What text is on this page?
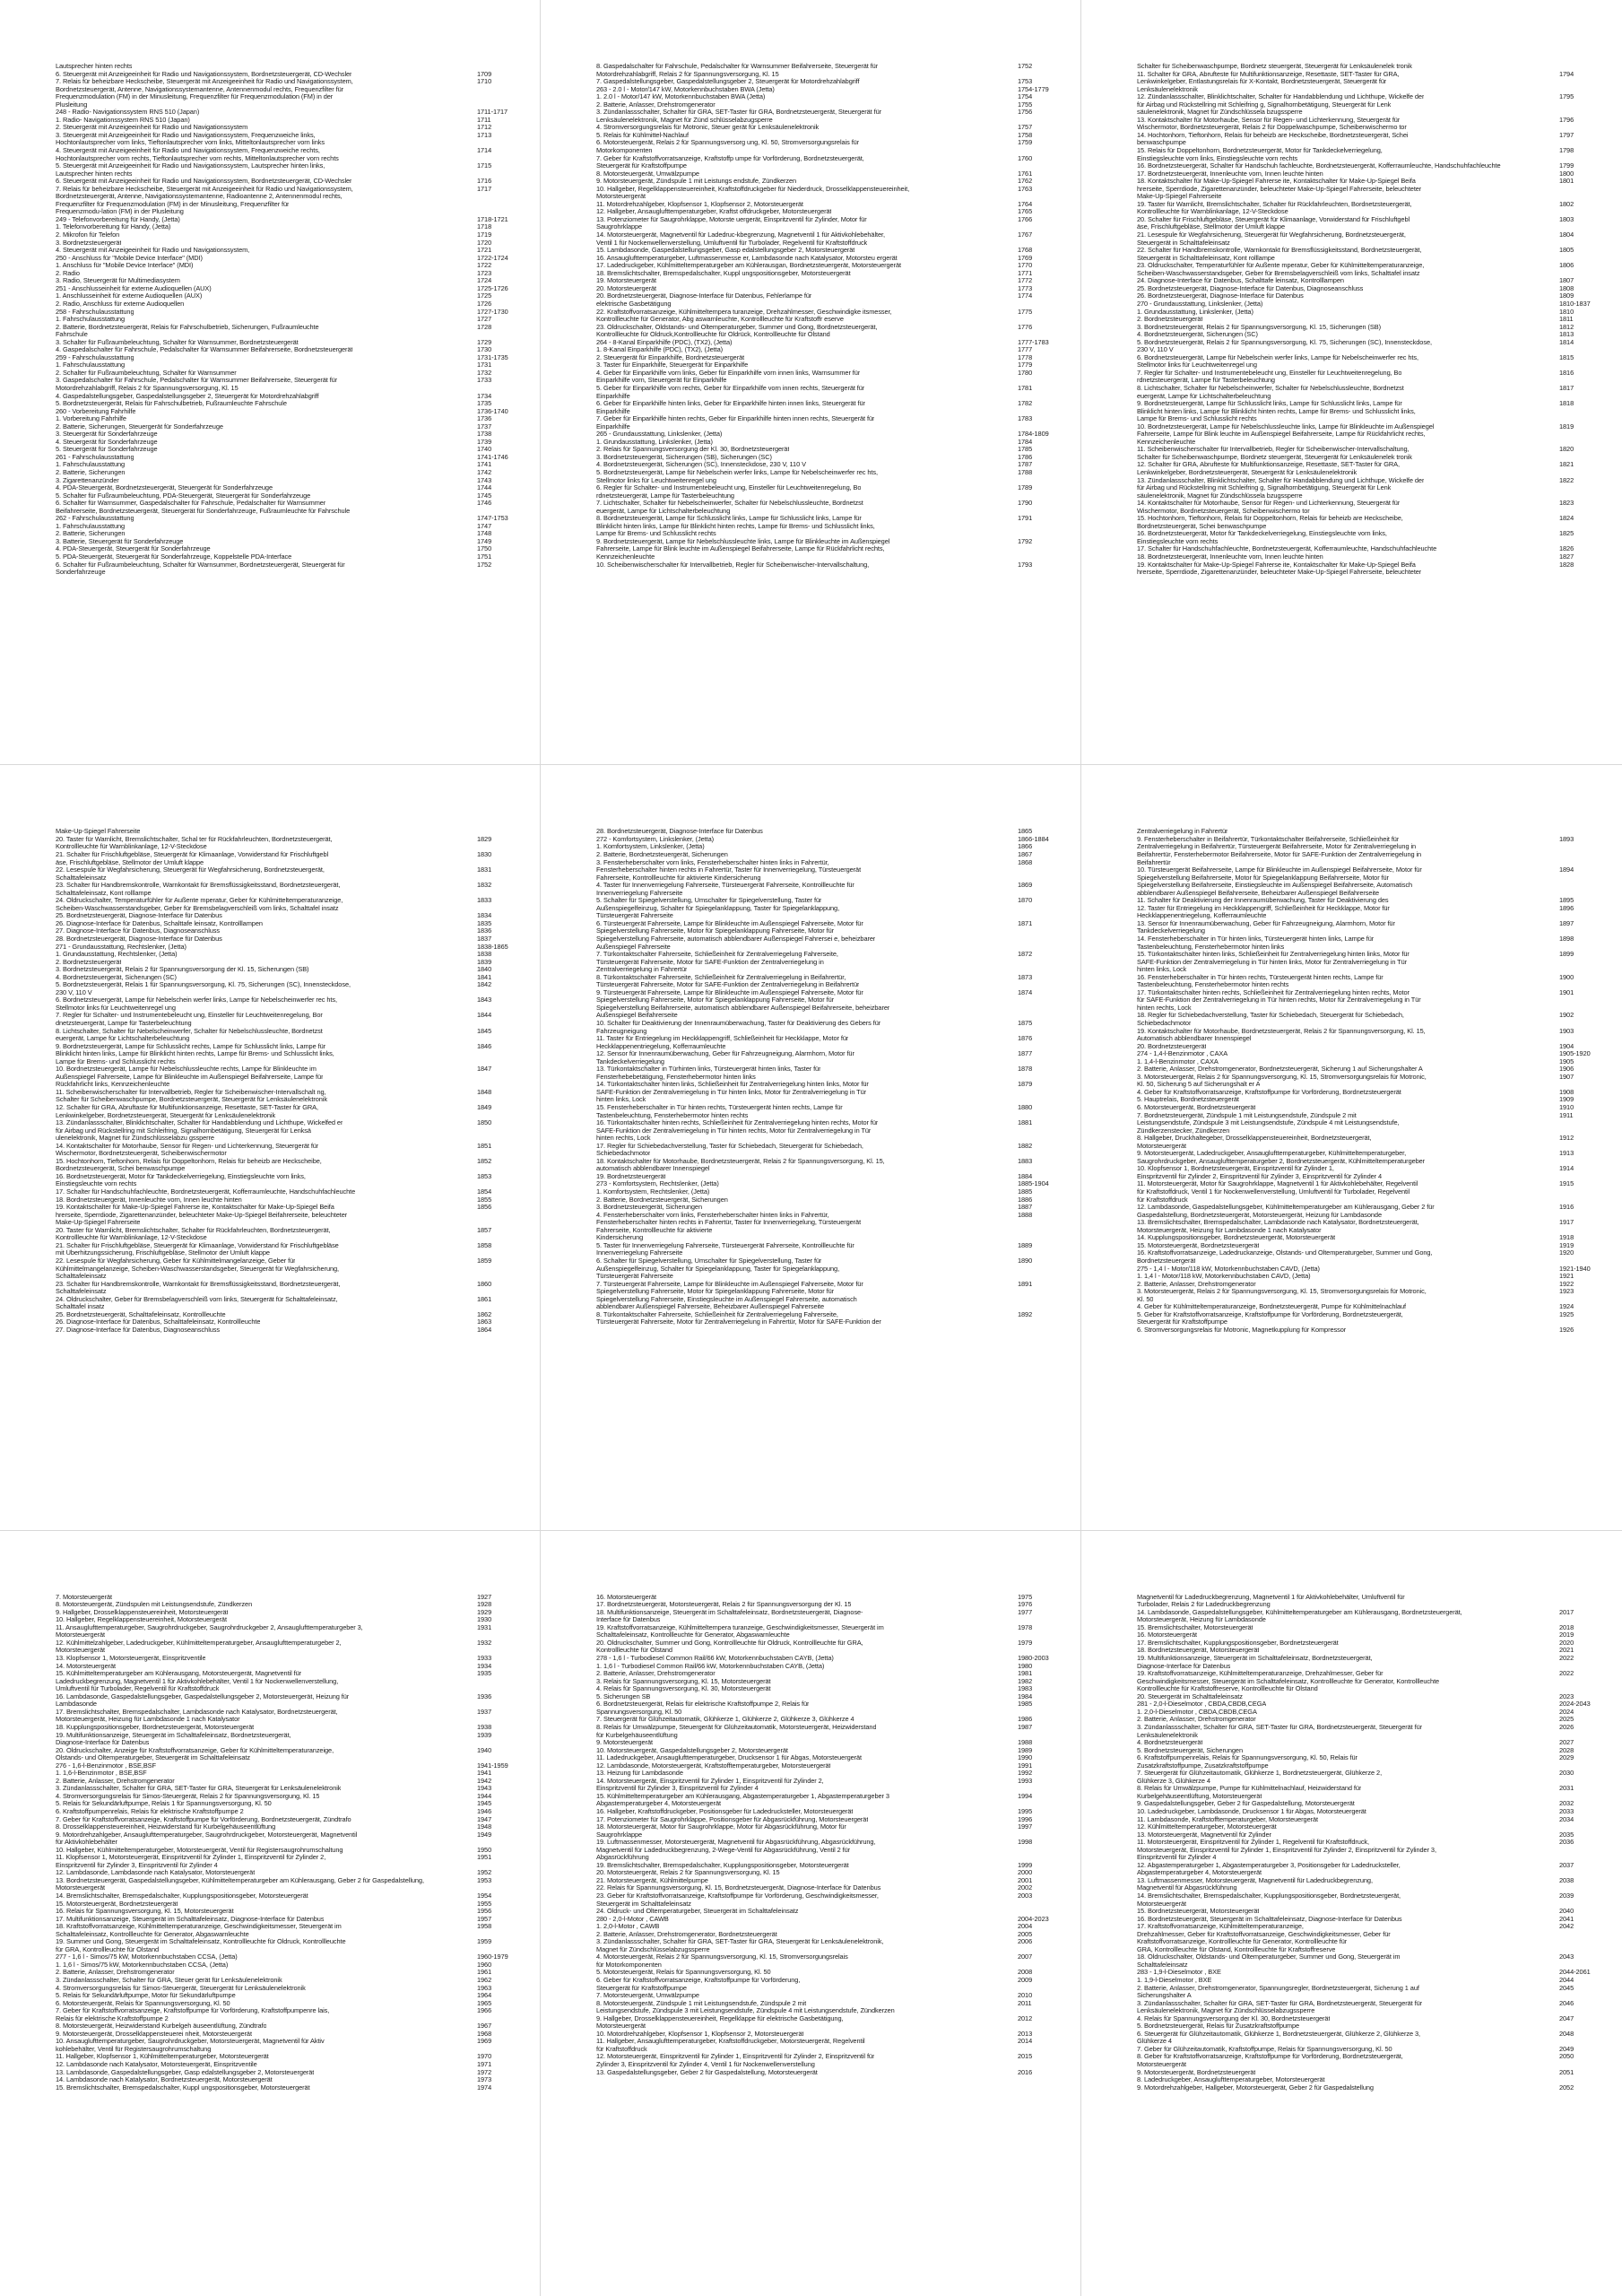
Lautsprecher hinten rechts
6. Steuergerät mit Anzeigeeinheit für Radio und Navigationssystem, Bordnetzsteuergerät, CD-Wechsler	1709
7. Relais für beheizbare Heckscheibe, Steuergerät mit Anzeigeeinheit für Radio und Navigationssystem,	1710
Bordnetzsteuergerät, Antenne, Navigationssystemantenne, Antennenmodul rechts, Frequenzfilter für
Frequenzmodulation (FM) in der Minusleitung, Frequenzfilter für Frequenzmodulation (FM) in der
Plusleitung
248 - Radio- Navigationssystem RNS 510 (Japan)	1711-1717
1. Radio- Navigationssystem RNS 510 (Japan)	1711
2. Steuergerät mit Anzeigeeinheit für Radio und Navigationssystem	1712
3. Steuergerät mit Anzeigeeinheit für Radio und Navigationssystem, Frequenzweiche links,	1713
Hochtonlautsprecher vorn links, Tieftonlautsprecher vorn links, Mitteltonlautsprecher vorn links
4. Steuergerät mit Anzeigeeinheit für Radio und Navigationssystem, Frequenzweiche rechts,	1714
Hochtonlautsprecher vorn rechts, Tieftonlautsprecher vorn rechts, Mitteltonlautsprecher vorn rechts
5. Steuergerät mit Anzeigeeinheit für Radio und Navigationssystem, Lautsprecher hinten links,	1715
Lautsprecher hinten rechts
6. Steuergerät mit Anzeigeeinheit für Radio und Navigationssystem, Bordnetzsteuergerät, CD-Wechsler	1716
7. Relais für beheizbare Heckscheibe, Steuergerät mit Anzeigeeinheit für Radio und Navigationssystem,	1717
Bordnetzsteuergerät, Antenne, Navigationssystemantenne, Radioantenne 2, Antennenmodul rechts,
Frequenzfilter für Frequenzmodulation (FM) in der Minusleitung, Frequenzfilter für
Frequenzmodu-lation (FM) in der Plusleitung
249 - Telefonvorbereitung für Handy, (Jetta)	1718-1721
1. Telefonvorbereitung für Handy, (Jetta)	1718
2. Mikrofon für Telefon	1719
3. Bordnetzsteuergerät	1720
4. Steuergerät mit Anzeigeeinheit für Radio und Navigationssystem,	1721
250 - Anschluss für "Mobile Device Interface" (MDI)	1722-1724
1. Anschluss für "Mobile Device Interface" (MDI)	1722
2. Radio	1723
3. Radio, Steuergerät für Multimediasystem	1724
251 - Anschlusseinheit für externe Audioquellen (AUX)	1725-1726
1. Anschlusseinheit für externe Audioquellen (AUX)	1725
2. Radio, Anschluss für externe Audioquellen	1726
258 - Fahrschulausstattung	1727-1730
1. Fahrschulausstattung	1727
2. Batterie, Bordnetzsteuergerät, Relais für Fahrschulbetrieb, Sicherungen, Fußraumleuchte	1728
Fahrschule
3. Schalter für Fußraumbeleuchtung, Schalter für Warnsummer, Bordnetzsteuergerät	1729
4. Gaspedalschalter für Fahrschule, Pedalschalter für Warnsummer Beifahrerseite, Bordnetzsteuergerät	1730
259 - Fahrschulausstattung	1731-1735
1. Fahrschulausstattung	1731
2. Schalter für Fußraumbeleuchtung, Schalter für Warnsummer	1732
3. Gaspedalschalter für Fahrschule, Pedalschalter für Warnsummer Beifahrerseite, Steuergerät für	1733
Motordrehzahlabgriff, Relais 2 für Spannungsversorgung, Kl. 15
4. Gaspedalstellungsgeber, Gaspedalstellungsgeber 2, Steuergerät für Motordrehzahlabgriff	1734
5. Bordnetzsteuergerät, Relais für Fahrschulbetrieb, Fußraumleuchte Fahrschule	1735
260 - Vorbereitung Fahrhilfe	1736-1740
1. Vorbereitung Fahrhilfe	1736
2. Batterie, Sicherungen, Steuergerät für Sonderfahrzeuge	1737
3. Steuergerät für Sonderfahrzeuge	1738
4. Steuergerät für Sonderfahrzeuge	1739
5. Steuergerät für Sonderfahrzeuge	1740
261 - Fahrschulausstattung	1741-1746
1. Fahrschulausstattung	1741
2. Batterie, Sicherungen	1742
3. Zigarettenanzünder	1743
4. PDA-Steuergerät, Bordnetzsteuergerät, Steuergerät für Sonderfahrzeuge	1744
5. Schalter für Fußraumbeleuchtung, PDA-Steuergerät, Steuergerät für Sonderfahrzeuge	1745
6. Schalter für Warnsummer, Gaspedalschalter für Fahrschule, Pedalschalter für Warnsummer	1746
Beifahrerseite, Bordnetzsteuergerät, Steuergerät für Sonderfahrzeuge, Fußraumleuchte für Fahrschule
262 - Fahrschulausstattung	1747-1753
1. Fahrschulausstattung	1747
2. Batterie, Sicherungen	1748
3. Batterie, Steuergerät für Sonderfahrzeuge	1749
4. PDA-Steuergerät, Steuergerät für Sonderfahrzeuge	1750
5. PDA-Steuergerät, Steuergerät für Sonderfahrzeuge, Koppelstelle PDA-Interface	1751
6. Schalter für Fußraumbeleuchtung, Schalter für Warnsummer, Bordnetzsteuergerät, Steuergerät für	1752
Sonderfahrzeuge
8. Gaspedalschalter für Fahrschule, Pedalschalter für Warnsummer Beifahrerseite, Steuergerät für	1752
Motordrehzahlabgriff, Relais 2 für Spannungsversorgung, Kl. 15
7. Gaspedalstellungsgeber, Gaspedalstellungsgeber 2, Steuergerät für Motordrehzahlabgriff	1753
263 - 2.0 l - Motor/147 kW, Motorkennbuchstaben BWA (Jetta)	1754-1779
1. 2.0 l - Motor/147 kW, Motorkennbuchstaben BWA (Jetta)	1754
2. Batterie, Anlasser, Drehstromgenerator	1755
3. Zündanlassschalter, Schalter für GRA, SET-Taster für GRA, Bordnetzsteuergerät, Steuergerät für	1756
Lenksäulenelektronik, Magnet für Zünd schlüsselabzugsperre
4. Stromversorgungsrelais für Motronic, Steuer gerät für Lenksäulenelektronik	1757
5. Relais für Kühlmittel-Nachlauf	1758
6. Motorsteuergerät, Relais 2 für Spannungsversorg ung, Kl. 50, Stromversorgungsrelais für	1759
Motorkomponenten
7. Geber für Kraftstoffvorratsanzeige, Kraftstoffp umpe für Vorförderung, Bordnetzsteuergerät,	1760
Steuergerät für Kraftstoffpumpe
8. Motorsteuergerät, Umwälzpumpe	1761
9. Motorsteuergerät, Zündspule 1 mit Leistungs endstufe, Zündkerzen	1762
10. Hallgeber, Regelklappensteuereinheit, Kraftstoffdruckgeber für Niederdruck, Drosselklappensteuereinheit,	1763
Motorsteuergerät
11. Motordrehzahlgeber, Klopfsensor 1, Klopfsensor 2, Motorsteuergerät	1764
12. Hallgeber, Ansauglufttemperaturgeber, Kraftst offdruckgeber, Motorsteuergerät	1765
13. Potenziometer für Saugrohrklappe, Motorste uergerät, Einspritzventil für Zylinder, Motor für	1766
Saugrohrklappe
14. Motorsteuergerät, Magnetventil für Ladedruc-kbegrenzung, Magnetventil 1 für Aktivkohlebehälter,	1767
Ventil 1 für Nockenwellenverstellung, Umluftventil für Turbolader, Regelventil für Kraftstoffdruck
15. Lambdasonde, Gaspedalstellungsgeber, Gasp edalstellungsgeber 2, Motorsteuergerät	1768
16. Ansauglufttemperaturgeber, Luftmassenmesse er, Lambdasonde nach Katalysator, Motorsteu ergerät	1769
17. Ladedruckgeber, Kühlmitteltemperaturgeber am Kühlerausgan, Bordnetzsteuergerät, Motorsteuergerät	1770
18. Bremslichtschalter, Bremspedalschalter, Kuppl ungspositionsgeber, Motorsteuergerät	1771
19. Motorsteuergerät	1772
20. Motorsteuergerät	1773
20. Bordnetzsteuergerät, Diagnose-Interface für Datenbus, Fehlerlampe für	1774
elektrische Gasbetätigung
22. Kraftstoffvorratsanzeige, Kühlmitteltempera turanzeige, Drehzahlmesser, Geschwindigke itsmesser,	1775
Kontrollleuchte für Generator, Abg aswarnleuchte, Kontrollleuchte für Kraftstoffr eserve
23. Öldruckschalter, Öldstands- und Öltemperaturgeber, Summer und Gong, Bordnetzsteuergerät,	1776
Kontrollleuchte für Öldruck,Kontrollleuchte für Öldrück, Kontrollleuchte für Ölstand
264 - 8-Kanal Einparkhilfe (PDC), (TX2), (Jetta)	1777-1783
1. 8-Kanal Einparkhilfe (PDC), (TX2), (Jetta)	1777
2. Steuergerät für Einparkhilfe, Bordnetzsteuergerät	1778
3. Taster für Einparkhilfe, Steuergerät für Einparkhilfe	1779
4. Geber für Einparkhilfe vorn links, Geber für Einparkhilfe vorn innen links, Warnsummer für	1780
Einparkhilfe vorn, Steuergerät für Einparkhilfe
5. Geber für Einparkhilfe vorn rechts, Geber für Einparkhilfe vorn innen rechts, Steuergerät für	1781
Einparkhilfe
6. Geber für Einparkhilfe hinten links, Geber für Einparkhilfe hinten innen links, Steuergerät für	1782
Einparkhilfe
7. Geber für Einparkhilfe hinten rechts, Geber für Einparkhilfe hinten innen rechts, Steuergerät für	1783
Einparkhilfe
265 - Grundausstattung, Linkslenker, (Jetta)	1784-1809
1. Grundausstattung, Linkslenker, (Jetta)	1784
2. Relais für Spannungsversorgung der Kl. 30, Bordnetzsteuergerät	1785
3. Bordnetzsteuergerät, Sicherungen (SB), Sicherungen (SC)	1786
4. Bordnetzsteuergerät, Sicherungen (SC), Innensteckdose, 230 V, 110 V	1787
5. Bordnetzsteuergerät, Lampe für Nebelschein werfer links, Lampe für Nebelscheinwerfer rec hts,	1788
Stellmotor links für Leuchtweitenregel ung
6. Regler für Schalter- und Instrumentebeleucht ung, Einsteller für Leuchtweitenregelung, Bo	1789
rdnetzsteuergerät, Lampe für Tasterbeleuchtung
7. Lichtschalter, Schalter für Nebelscheinwerfer, Schalter für Nebelschlussleuchte, Bordnetzst	1790
euergerät, Lampe für Lichtschalterbeleuchtung
8. Bordnetzsteuergerät, Lampe für Schlusslicht links, Lampe für Schlusslicht links, Lampe für	1791
Blinklicht hinten links, Lampe für Blinklicht hinten rechts, Lampe für Brems- und Schlusslicht links,
Lampe für Brems- und Schlusslicht rechts
9. Bordnetzsteuergerät, Lampe für Nebelschlussleuchte links, Lampe für Blinkleuchte im Außenspiegel	1792
Fahrerseite, Lampe für Blink leuchte im Außenspiegel Beifahrerseite, Lampe für Rückfahrlicht rechts,
Kennzeichenleuchte
10. Scheibenwischerschalter für Intervallbetrieb, Regler für Scheibenwischer-Intervallschaltung,	1793
Schalter für Scheibenwaschpumpe, Bordnetz steuergerät, Steuergerät für Lenksäulenelek tronik
11. Schalter für GRA, Abrufteste für Multifunktionsanzeige, Resettaste, SET-Taster für GRA,	1794
Lenkwinkelgeber, Entlastungsrelais für X-Kontakt, Bordnetzsteuergerät, Steuergerät für
Lenksäulenelektronik
12. Zündanlassschalter, Blinklichtschalter, Schalter für Handabblendung und Lichthupe, Wickelfe der	1795
für Airbag und Rückstellring mit Schleifring g, Signalhornbetätigung, Steuergerät für Lenk
säulenelektronik, Magnet für Zündschlüsselа bzugssperre
13. Kontaktschalter für Motorhaube, Sensor für Regen- und Lichterkennung, Steuergerät für	1796
Wischermotor, Bordnetzsteuergerät, Relais 2 für Doppelwaschpumpe, Scheibenwischermo tor
14. Hochtonhorn, Tieftonhorn, Relais für beheizb are Heckscheibe, Bordnetzsteuergerät, Schei	1797
benwaschpumpe
15. Relais für Doppeltonhorn, Bordnetzsteuergerät, Motor für Tankdeckelverriegelung,	1798
Einstiegsleuchte vorn links, Einstiegsleuchte vorn rechts
16. Bordnetzsteuergerät, Schalter für Handschuh fachleuchte, Bordnetzsteuergerät, Kofferraumleuchte, Handschuhfachleuchte	1799
17. Bordnetzsteuergerät, Innenleuchte vorn, Innen leuchte hinten	1800
18. Kontaktschalter für Make-Up-Spiegel Fahrerse ite, Kontaktschalter für Make-Up-Spiegel Beifa	1801
hrerseite, Sperrdiode, Zigarettenanzünder, beleuchteter Make-Up-Spiegel Fahrerseite, beleuchteter
Make-Up-Spiegel Fahrerseite
19. Taster für Warnlicht, Bremslichtschalter, Schalter für Rückfahrleuchten, Bordnetzsteuergerät,	1802
Kontrollleuchte für Warnblinkanlage, 12-V-Steckdose
20. Schalter für Frischluftgebläse, Steuergerät für Klimaanlage, Vorwiderstand für Frischluftgebl	1803
äse, Frischluftgebläse, Stellmotor der Umluft klappe
21. Lesespule für Wegfahrsicherung, Steuergerät für Wegfahrsicherung, Bordnetzsteuergerät,	1804
Steuergerät in Schalttafeleinsatz
22. Schalter für Handbremskontrolle, Warnkontakt für Bremsflüssigkeitsstand, Bordnetzsteuergerät,	1805
Steuergerät in Schalttafeleinsatz, Kont rolllampe
23. Öldruckschalter, Temperaturfühler für Außente mperatur, Geber für Kühlmitteltemperaturanzeige,	1806
Scheiben-Waschwasserstandsgeber, Geber für Bremsbelagverschleiß vorn links, Schalttafel insatz
24. Diagnose-Interface für Datenbus, Schalttafe leinsatz, Kontrolllampen	1807
25. Bordnetzsteuergerät, Diagnose-Interface für Datenbus, Diagnoseanschluss	1808
26. Bordnetzsteuergerät, Diagnose-Interface für Datenbus	1809
270 - Grundausstattung, Linkslenker, (Jetta)	1810-1837
1. Grundausstattung, Linkslenker, (Jetta)	1810
2. Bordnetzsteuergerät	1811
3. Bordnetzsteuergerät, Relais 2 für Spannungsversorgung, Kl. 15, Sicherungen (SB)	1812
4. Bordnetzsteuergerät, Sicherungen (SC)	1813
5. Bordnetzsteuergerät, Relais 2 für Spannungsversorgung, Kl. 75, Sicherungen (SC), Innensteckdose,	1814
230 V, 110 V
6. Bordnetzsteuergerät, Lampe für Nebelschein werfer links, Lampe für Nebelscheinwerfer rec hts,	1815
Stellmotor links für Leuchtweitenregel ung
7. Regler für Schalter- und Instrumentebeleucht ung, Einsteller für Leuchtweitenregelung, Bo	1816
rdnetzsteuergerät, Lampe für Tasterbeleuchtung
8. Lichtschalter, Schalter für Nebelscheinwerfer, Schalter für Nebelschlussleuchte, Bordnetzst	1817
euergerät, Lampe für Lichtschalterbeleuchtung
9. Bordnetzsteuergerät, Lampe für Schlusslicht links, Lampe für Schlusslicht links, Lampe für	1818
Blinklicht hinten links, Lampe für Blinklicht hinten rechts, Lampe für Brems- und Schlusslicht links,
Lampe für Brems- und Schlusslicht rechts
10. Bordnetzsteuergerät, Lampe für Nebelschlussleuchte links, Lampe für Blinkleuchte im Außenspiegel	1819
Fahrerseite, Lampe für Blink leuchte im Außenspiegel Beifahrerseite, Lampe für Rückfahrlicht rechts,
Kennzeichenleuchte
11. Scheibenwischerschalter für Intervallbetrieb, Regler für Scheibenwischer-Intervallschaltung,	1820
Schalter für Scheibenwaschpumpe, Bordnetz steuergerät, Steuergerät für Lenksäulenelek tronik
12. Schalter für GRA, Abrufteste für Multifunktionsanzeige, Resettaste, SET-Taster für GRA,	1821
Lenkwinkelgeber, Bordnetzsteuergerät, Steuergerät für Lenksäulenelektronik
13. Zündanlassschalter, Blinklichtschalter, Schalter für Handabblendung und Lichthupe, Wickelfe der	1822
für Airbag und Rückstellring mit Schleifring g, Signalhornbetätigung, Steuergerät für Lenk
säulenelektronik, Magnet für Zündschlüsselа bzugssperre
14. Kontaktschalter für Motorhaube, Sensor für Regen- und Lichterkennung, Steuergerät für	1823
Wischermotor, Bordnetzsteuergerät, Scheibenwischermo tor
15. Hochtonhorn, Tieftonhorn, Relais für Doppeltonhorn, Relais für beheizb are Heckscheibe,	1824
Bordnetzsteuergerät, Schei benwaschpumpe
16. Bordnetzsteuergerät, Motor für Tankdeckelverriegelung, Einstiegsleuchte vorn links,	1825
Einstiegsleuchte vorn rechts
17. Schalter für Handschuhfachleuchte, Bordnetzsteuergerät, Kofferraumleuchte, Handschuhfachleuchte	1826
18. Bordnetzsteuergerät, Innenleuchte vorn, Innen leuchte hinten	1827
19. Kontaktschalter für Make-Up-Spiegel Fahrerse ite, Kontaktschalter für Make-Up-Spiegel Beifa	1828
hrerseite, Sperrdiode, Zigarettenanzünder, beleuchteter Make-Up-Spiegel Fahrerseite, beleuchteter
Make-Up-Spiegel Fahrerseite
20. Taster für Warnlicht, Bremslichtschalter, Schal ter für Rückfahrleuchten, Bordnetzsteuergerät,	1829
Kontrollleuchte für Warnblinkanlage, 12-V-Steckdose
21. Schalter für Frischluftgebläse, Steuergerät für Klimaanlage, Vorwiderstand für Frischluftgebl	1830
äse, Frischluftgebläse, Stellmotor der Umluft klappe
22. Lesespule für Wegfahrsicherung, Steuergerät für Wegfahrsicherung, Bordnetzsteuergerät,	1831
Schalttafeleinsatz
23. Schalter für Handbremskontrolle, Warnkontakt für Bremsflüssigkeitsstand, Bordnetzsteuergerät,	1832
Schalttafeleinsatz, Kont rolllampe
24. Öldruckschalter, Temperaturfühler für Außente mperatur, Geber für Kühlmitteltemperaturanzeige,	1833
Scheiben-Waschwasserstandsgeber, Geber für Bremsbelagverschleiß vorn links, Schalttafel insatz
25. Bordnetzsteuergerät, Diagnose-Interface für Datenbus	1834
26. Diagnose-Interface für Datenbus, Schalttafe leinsatz, Kontrolllampen	1835
27. Diagnose-Interface für Datenbus, Diagnoseanschluss	1836
28. Bordnetzsteuergerät, Diagnose-Interface für Datenbus	1837
271 - Grundausstattung, Rechtslenker, (Jetta)	1838-1865
1. Grundausstattung, Rechtslenker, (Jetta)	1838
2. Bordnetzsteuergerät	1839
3. Bordnetzsteuergerät, Relais 2 für Spannungsversorgung der Kl. 15, Sicherungen (SB)	1840
4. Bordnetzsteuergerät, Sicherungen (SC)	1841
5. Bordnetzsteuergerät, Relais 1 für Spannungsversorgung, Kl. 75, Sicherungen (SC), Innensteckdose,	1842
230 V, 110 V
6. Bordnetzsteuergerät, Lampe für Nebelschein werfer links, Lampe für Nebelscheinwerfer rec hts,	1843
Stellmotor links für Leuchtweitenregel ung
7. Regler für Schalter- und Instrumentebeleucht ung, Einsteller für Leuchtweitenregelung, Bor	1844
dnetzsteuergerät, Lampe für Tasterbeleuchtung
8. Lichtschalter, Schalter für Nebelscheinwerfer, Schalter für Nebelschlussleuchte, Bordnetzst	1845
euergerät, Lampe für Lichtschalterbeleuchtung
9. Bordnetzsteuergerät, Lampe für Schlusslicht rechts, Lampe für Schlusslicht links, Lampe für	1846
Blinklicht hinten links, Lampe für Blinklicht hinten rechts, Lampe für Brems- und Schlusslicht links,
Lampe für Brems- und Schlusslicht rechts
10. Bordnetzsteuergerät, Lampe für Nebelschlussleuchte rechts, Lampe für Blinkleuchte im	1847
Außenspiegel Fahrerseite, Lampe für Blinkleuchte im Außenspiegel Beifahrerseite, Lampe für
Rückfahrlicht links, Kennzeichenleuchte
11. Scheibenwischerschalter für Intervallbetrieb, Regler für Scheibenwischer-Intervallschalt ng,	1848
Schalter für Scheibenwaschpumpe, Bordnetzsteuergerät, Steuergerät für Lenksäulenelektronik
12. Schalter für GRA, Abruftaste für Multifunktionsanzeige, Resettaste, SET-Taster für GRA,	1849
Lenkwinkelgeber, Bordnetzsteuergerät, Steuergerät für Lenksäulenelektronik
13. Zündanlassschalter, Blinklichtschalter, Schalter für Handabblendung und Lichthupe, Wickelfed er	1850
für Airbag und Rückstellring mit Schleifring, Signalhornbetätigung, Steuergerät für Lenksä
ulenelektronik, Magnet für Zündschlüsselabzu gssperre
14. Kontaktschalter für Motorhaube, Sensor für Regen- und Lichterkennung, Steuergerät für	1851
Wischermotor, Bordnetzsteuergerät, Scheibenwischermotor
15. Hochtonhorn, Tieftonhorn, Relais für Doppeltonhorn, Relais für beheizb are Heckscheibe,	1852
Bordnetzsteuergerät, Schei benwaschpumpe
16. Bordnetzsteuergerät, Motor für Tankdeckelverriegelung, Einstiegsleuchte vorn links,	1853
Einstiegsleuchte vorn rechts
17. Schalter für Handschuhfachleuchte, Bordnetzsteuergerät, Kofferraumleuchte, Handschuhfachleuchte	1854
18. Bordnetzsteuergerät, Innenleuchte vorn, Innen leuchte hinten	1855
19. Kontaktschalter für Make-Up-Spiegel Fahrerse ite, Kontaktschalter für Make-Up-Spiegel Beifa	1856
hrerseite, Sperrdiode, Zigarettenanzünder, beleuchteter Make-Up-Spiegel Beifahrerseite, beleuchteter
Make-Up-Spiegel Fahrerseite
20. Taster für Warnlicht, Bremslichtschalter, Schalter für Rückfahrleuchten, Bordnetzsteuergerät,	1857
Kontrollleuchte für Warnblinkanlage, 12-V-Steckdose
21. Schalter für Frischluftgebläse, Steuergerät für Klimaanlage, Vorwiderstand für Frischluftgebläse	1858
mit Überhitzungssicherung, Frischluftgebläse, Stellmotor der Umluft klappe
22. Lesespule für Wegfahrsicherung, Geber für Kühlmittelmangelanzeige, Geber für	1859
Kühlmittelmangelanzeige, Scheiben-Waschwasserstandsgeber, Steuergerät für Wegfahrsicherung,
Schalttafeleinsatz
23. Schalter für Handbremskontrolle, Warnkontakt für Bremsflüssigkeitsstand, Bordnetzsteuergerät,	1860
Schalttafeleinsatz
24. Öldruckschalter, Geber für Bremsbelagverschleiß vorn links, Steuergerät für Schalttafeleinsatz,	1861
Schalttafel insatz
25. Bordnetzsteuergerät, Schalttafeleinsatz, Kontrollleuchte	1862
26. Diagnose-Interface für Datenbus, Schalttafeleinsatz, Kontrollleuchte	1863
27. Diagnose-Interface für Datenbus, Diagnoseanschluss	1864
28. Bordnetzsteuergerät, Diagnose-Interface für Datenbus	1865
272 - Komfortsystem, Linkslenker, (Jetta)	1866-1884
1. Komfortsystem, Linkslenker, (Jetta)	1866
2. Batterie, Bordnetzsteuergerät, Sicherungen	1867
3. Fensterheberschalter vorn links, Fensterheberschalter hinten links in Fahrertür,	1868
Fensterheberschalter hinten rechts in Fahrertür, Taster für Innenverriegelung, Türsteuergerät
Fahrerseite, Kontrollleuchte für aktivierte Kindersicherung
4. Taster für Innenverriegelung Fahrerseite, Türsteuergerät Fahrerseite, Kontrollleuchte für	1869
Innenverriegelung Fahrerseite
5. Schalter für Spiegelverstellung, Umschalter für Spiegelverstellung, Taster für	1870
Außenspiegelfeinzug, Schalter für Spiegelanklappung, Taster für Spiegelanklappung,
Türsteuergerät Fahrerseite
6. Türsteuergerät Fahrerseite, Lampe für Blinkleuchte im Außenspiegel Fahrerseite, Motor für	1871
Spiegelverstellung Fahrerseite, Motor für Spiegelanklappung Fahrerseite, Motor für
Spiegelverstellung Fahrerseite, automatisch abblendbarer Außenspiegel Fahrersei e, beheizbarer
Außenspiegel Fahrerseite
7. Türkontaktschalter Fahrerseite, Schließeinheit für Zentralverriegelung Fahrerseite,	1872
Türsteuergerät Fahrerseite, Motor für SAFE-Funktion der Zentralverriegelung in
Zentralverriegelung in Fahrertür
8. Türkontaktschalter Fahrerseite, Schließeinheit für Zentralverriegelung in Beifahrertür,	1873
Türsteuergerät Fahrerseite, Motor für SAFE-Funktion der Zentralverriegelung in Beifahrertür
9. Türsteuergerät Fahrerseite, Lampe für Blinkleuchte im Außenspiegel Fahrerseite, Motor für	1874
Spiegelverstellung Fahrerseite, Motor für Spiegelanklappung Fahrerseite, Motor für
Spiegelverstellung Beifahrerseite, automatisch abblendbarer Außenspiegel Beifahrerseite, beheizbarer
Außenspiegel Beifahrerseite
10. Schalter für Deaktivierung der Innenraumüberwachung, Taster für Deaktivierung des Gebers für	1875
Fahrzeugneigung
11. Taster für Entriegelung im Heckklappengriff, Schließeinheit für Heckklappe, Motor für	1876
Heckklappenentriegelung, Kofferraumleuchte
12. Sensor für Innenraumüberwachung, Geber für Fahrzeugneigung, Alarmhorn, Motor für	1877
Tankdeckelverriegelung
13. Türkontaktschalter in Türhinten links, Türsteuergerät hinten links, Taster für	1878
Fensterhebebetätigung, Fensterhebermotor hinten links
14. Türkontaktschalter hinten links, Schließeinheit für Zentralverriegelung hinten links, Motor für	1879
SAFE-Funktion der Zentralverriegelung in Tür hinten links, Motor für Zentralverriegelung in Tür
hinten links, Lock
15. Fensterheberschalter in Tür hinten rechts, Türsteuergerät hinten rechts, Lampe für	1880
Tastenbeleuchtung, Fensterhebermotor hinten rechts
16. Türkontaktschalter hinten rechts, Schließeinheit für Zentralverriegelung hinten rechts, Motor für	1881
SAFE-Funktion der Zentralverriegelung in Tür hinten rechts, Motor für Zentralverriegelung in Tür
hinten rechts, Lock
17. Regler für Schiebedachverstellung, Taster für Schiebedach, Steuergerät für Schiebedach,	1882
Schiebedachmotor
18. Kontaktschalter für Motorhaube, Bordnetzsteuergerät, Relais 2 für Spannungsversorgung, Kl. 15,	1883
automatisch abblendbarer Innenspiegel
19. Bordnetzsteuergerät	1884
273 - Komfortsystem, Rechtslenker, (Jetta)	1885-1904
1. Komfortsystem, Rechtslenker, (Jetta)	1885
2. Batterie, Bordnetzsteuergerät, Sicherungen	1886
3. Bordnetzsteuergerät, Sicherungen	1887
4. Fensterheberschalter vorn links, Fensterheberschalter hinten links in Fahrertür,	1888
Fensterheberschalter hinten rechts in Fahrertür, Taster für Innenverriegelung, Türsteuergerät
Fahrerseite, Kontrollleuchte für aktivierte
Kindersicherung
5. Taster für Innenverriegelung Fahrerseite, Türsteuergerät Fahrerseite, Kontrollleuchte für	1889
Innenverriegelung Fahrerseite
6. Schalter für Spiegelverstellung, Umschalter für Spiegelverstellung, Taster für	1890
Außenspiegelfeinzug, Schalter für Spiegelanklappung, Taster für Spiegelanklappung,
Türsteuergerät Fahrerseite
7. Türsteuergerät Fahrerseite, Lampe für Blinkleuchte im Außenspiegel Fahrerseite, Motor für	1891
Spiegelverstellung Fahrerseite, Motor für Spiegelanklappung Fahrerseite, Motor für
Spiegelverstellung Fahrerseite, Einstiegsleuchte im Außenspiegel Fahrerseite, automatisch
abblendbarer Außenspiegel Fahrerseite, Beheizbarer Außenspiegel Fahrerseite
8. Türkontaktschalter Fahrerseite, Schließeinheit für Zentralverriegelung Fahrerseite,	1892
Türsteuergerät Fahrerseite, Motor für Zentralverriegelung in Fahrertür, Motor für SAFE-Funktion der
Zentralverriegelung in Fahrertür
9. Fensterheberschalter in Beifahrertür, Türkontaktschalter Beifahrerseite, Schließeinheit für	1893
Zentralverriegelung in Beifahrertür, Türsteuergerät Beifahrerseite, Motor für Zentralverriegelung in
Beifahrertür, Fensterhebermotor Beifahrerseite, Motor für SAFE-Funktion der Zentralverriegelung in
Beifahrertür
10. Türsteuergerät Beifahrerseite, Lampe für Blinkleuchte im Außenspiegel Beifahrerseite, Motor für	1894
Spiegelverstellung Beifahrerseite, Motor für Spiegelanklappung Beifahrerseite, Motor für
Spiegelverstellung Beifahrerseite, Einstiegsleuchte im Außenspiegel Beifahrerseite, Automatisch
abblendbarer Außenspiegel Beifahrerseite, Beheizbarer Außenspiegel Beifahrerseite
11. Schalter für Deaktivierung der Innenraumüberwachung, Taster für Deaktivierung des	1895
12. Taster für Entriegelung im Heckklappengriff, Schließeinheit für Heckklappe, Motor für	1896
Heckklappenentriegelung, Kofferraumleuchte
13. Sensor für Innenraumüberwachung, Geber für Fahrzeugneigung, Alarmhorn, Motor für	1897
Tankdeckelverriegelung
14. Fensterheberschalter in Tür hinten links, Türsteuergerät hinten links, Lampe für	1898
Tastenbeleuchtung, Fensterhebermotor hinten links
15. Türkontaktschalter hinten links, Schließeinheit für Zentralverriegelung hinten links, Motor für	1899
SAFE-Funktion der Zentralverriegelung in Tür hinten links, Motor für Zentralverriegelung in Tür
hinten links, Lock
16. Fensterheberschalter in Tür hinten rechts, Türsteuergerät hinten rechts, Lampe für	1900
Tastenbeleuchtung, Fensterhebermotor hinten rechts
17. Türkontaktschalter hinten rechts, Schließeinheit für Zentralverriegelung hinten rechts, Motor	1901
für SAFE-Funktion der Zentralverriegelung in Tür hinten rechts, Motor für Zentralverriegelung in Tür
hinten rechts, Lock
18. Regler für Schiebedachverstellung, Taster für Schiebedach, Steuergerät für Schiebedach,	1902
Schiebedachmotor
19. Kontaktschalter für Motorhaube, Bordnetzsteuergerät, Relais 2 für Spannungsversorgung, Kl. 15,	1903
Automatisch abblendbarer Innenspiegel
20. Bordnetzsteuergerät	1904
274 - 1,4-l-Benzinmotor , CAXA	1905-1920
1. 1,4-l-Benzinmotor , CAXA	1905
2. Batterie, Anlasser, Drehstromgenerator, Bordnetzsteuergerät, Sicherung 1 auf Sicherungshalter A	1906
3. Motorsteuergerät, Relais 2 für Spannungsversorgung, Kl. 15, Stromversorgungsrelais für Motronic,	1907
Kl. 50, Sicherung 5 auf Sicherungshalt er A
4. Geber für Kraftstoffvorratsanzeige, Kraftstoffpumpe für Vorförderung, Bordnetzsteuergerät	1908
5. Hauptrelais, Bordnetzsteuergerät	1909
6. Motorsteuergerät, Bordnetzsteuergerät	1910
7. Bordnetzsteuergerät, Zündspule 1 mit Leistungsendstufe, Zündspule 2 mit	1911
Leistungsendstufe, Zündspule 3 mit Leistungsendstufe, Zündspule 4 mit Leistungsendstufe,
Zündkerzenstecker, Zündkerzen
8. Hallgeber, Druckhaltegeber, Drosselklappensteuereinheit, Bordnetzsteuergerät,	1912
Motorsteuergerät
9. Motorsteuergerät, Ladedruckgeber, Ansauglufttemperaturgeber, Kühlmitteltemperaturgeber,	1913
Saugrohrdruckgeber, Ansauglufttemperaturgeber 2, Bordnetzsteuergerät, Kühlmitteltemperaturgeber
10. Klopfsensor 1, Bordnetzsteuergerät, Einspritzventil für Zylinder 1,	1914
Einspritzventil für Zylinder 2, Einspritzventil für Zylinder 3, Einspritzventil für Zylinder 4
11. Motorsteuergerät, Motor für Saugrohrklappe, Magnetventil 1 für Aktivkohlebehälter, Regelventil	1915
für Kraftstoffdruck, Ventil 1 für Nockenwellenverstellung, Umluftventil für Turbolader, Regelventil
für Kraftstoffdruck
12. Lambdasonde, Gaspedalstellungsgeber, Kühlmitteltemperaturgeber am Kühlerausgang, Geber 2 für	1916
Gaspedalstellung, Bordnetzsteuergerät, Motorsteuergerät, Heizung für Lambdasonde
13. Bremslichtschalter, Bremspedalschalter, Lambdasonde nach Katalysator, Bordnetzsteuergerät,	1917
Motorsteuergerät, Heizung für Lambdasonde 1 nach Katalysator
14. Kupplungspositionsgeber, Bordnetzsteuergerät, Motorsteuergerät	1918
15. Motorsteuergerät, Bordnetzsteuergerät	1919
16. Kraftstoffvorratsanzeige, Ladedruckanzeige, Ölstands- und Öltemperaturgeber, Summer und Gong,	1920
Bordnetzsteuergerät
275 - 1,4 l - Motor/118 kW, Motorkennbuchstaben CAVD, (Jetta)	1921-1940
1. 1,4 l - Motor/118 kW, Motorkennbuchstaben CAVD, (Jetta)	1921
2. Batterie, Anlasser, Drehstromgenerator	1922
3. Motorsteuergerät, Relais 2 für Spannungsversorgung, Kl. 15, Stromversorgungsrelais für Motronic,	1923
Kl. 50
4. Geber für Kühlmitteltemperaturanzeige, Bordnetzsteuergerät, Pumpe für Kühlmittelnachlauf	1924
5. Geber für Kraftstoffvorratsanzeige, Kraftstoffpumpe für Vorförderung, Bordnetzsteuergerät,	1925
Steuergerät für Kraftstoffpumpe
6. Stromversorgungsrelais für Motronic, Magnetkupplung für Kompressor	1926
7. Motorsteuergerät	1927
8. Motorsteuergerät, Zündspulen mit Leistungsendstufe, Zündkerzen	1928
9. Hallgeber, Drosselklappensteuereinheit, Motorsteuergerät	1929
10. Hallgeber, Regelklappensteuereinheit, Motorsteuergerät	1930
11. Ansauglufttemperaturgeber, Saugrohrdruckgeber, Saugrohrdruckgeber 2, Ansauglufttemperaturgeber 3,	1931
Motorsteuergerät
12. Kühlmittelzahlgeber, Ladedruckgeber, Kühlmitteltemperaturgeber, Ansauglufttemperaturgeber 2,	1932
Motorsteuergerät
13. Klopfsensor 1, Motorsteuergerät, Einspritzventile	1933
14. Motorsteuergerät	1934
15. Kühlmitteltemperaturgeber am Kühlerausgang, Motorsteuergerät, Magnetventil für	1935
Ladedruckbegrenzung, Magnetventil 1 für Aktivkohlebehälter, Ventil 1 für Nockenwellenverstellung,
Umluftventil für Turbolader, Regelventil für Kraftstoffdruck
16. Lambdasonde, Gaspedalstellungsgeber, Gaspedalstellungsgeber 2, Motorsteuergerät, Heizung für	1936
Lambdasonde
17. Bremslichtschalter, Bremspedalschalter, Lambdasonde nach Katalysator, Bordnetzsteuergerät,	1937
Motorsteuergerät, Heizung für Lambdasonde 1 nach Katalysator
18. Kupplungspositionsgeber, Bordnetzsteuergerät, Motorsteuergerät	1938
19. Multifunktionsanzeige, Steuergerät im Schalttafeleinsatz, Bordnetzsteuergerät,	1939
Diagnose-Interface für Datenbus
20. Öldruckschalter, Anzeige für Kraftstoffvorratsanzeige, Geber für Kühlmitteltemperaturanzeige,	1940
Ölstands- und Öltemperaturgeber, Steuergerät im Schalttafeleinsatz
276 - 1,6-l-Benzinmotor , BSE,BSF	1941-1959
1. 1,6-l-Benzinmotor , BSE,BSF	1941
2. Batterie, Anlasser, Drehstromgenerator	1942
3. Zündanlassschalter, Schalter für GRA, SET-Taster für GRA, Steuergerät für Lenksäulenelektronik	1943
4. Stromversorgungsrelais für Simos-Steuergerät, Relais 2 für Spannungsversorgung, Kl. 15	1944
5. Relais für Sekundärluftpumpe, Relais 1 für Spannungsversorgung, Kl. 50	1945
6. Kraftstoffpumpenrelais, Relais für elektrische Kraftstoffpumpe 2	1946
7. Geber für Kraftstoffvorratsanzeige, Kraftstoffpumpe für Vorförderung, Bordnetzsteuergerät, Zündtrafo	1947
8. Drosselklappensteuereinheit, Heizwiderstand für Kurbelgehäuseentlüftung	1948
9. Motordrehzahlgeber, Ansauglufttemperaturgeber, Saugrohrdruckgeber, Motorsteuergerät, Magnetventil	1949
für Aktivkohlebehälter
10. Hallgeber, Kühlmitteltemperaturgeber, Motorsteuergerät, Ventil für Registersaugrohrumschaltung	1950
11. Klopfsensor 1, Motorsteuergerät, Einspritzventil für Zylinder 1, Einspritzventil für Zylinder 2,	1951
Einspritzventil für Zylinder 3, Einspritzventil für Zylinder 4
12. Lambdasonde, Lambdasonde nach Katalysator, Motorsteuergerät	1952
13. Bordnetzsteuergerät, Gaspedalstellungsgeber, Kühlmitteltemperaturgeber am Kühlerausgang, Geber 2 für Gaspedalstellung,	1953
Motorsteuergerät
14. Bremslichtschalter, Bremspedalschalter, Kupplungspositionsgeber, Motorsteuergerät	1954
15. Motorsteuergerät, Bordnetzsteuergerät	1955
16. Relais für Spannungsversorgung, Kl. 15, Motorsteuergerät	1956
17. Multifunktionsanzeige, Steuergerät im Schalttafeleinsatz, Diagnose-Interface für Datenbus	1957
18. Kraftstoffvorratsanzeige, Kühlmitteltemperaturanzeige, Geschwindigkeitsmesser, Steuergerät im	1958
Schalttafeleinsatz, Kontrollleuchte für Generator, Abgaswarnleuchte
19. Summer und Gong, Steuergerät im Schalttafeleinsatz, Kontrollleuchte für Öldruck, Kontrollleuchte	1959
für GRA, Kontrollleuchte für Ölstand
277 - 1,6 l - Simos/75 kW, Motorkennbuchstaben CCSA, (Jetta)	1960-1979
1. 1,6 l - Simos/75 kW, Motorkennbuchstaben CCSA, (Jetta)	1960
2. Batterie, Anlasser, Drehstromgenerator	1961
3. Zündanlassschalter, Schalter für GRA, Steuer gerät für Lenksäulenelektronik	1962
4. Stromversorgungsrelais für Simos-Steuergerät, Steuergerät für Lenksäulenelektronik	1963
5. Relais für Sekundärluftpumpe, Motor für Sekundärluftpumpe	1964
6. Motorsteuergerät, Relais für Spannungsversorgung, Kl. 50	1965
7. Geber für Kraftstoffvorratsanzeige, Kraftstoffpumpe für Vorförderung, Kraftstoffpumpenre lais,	1966
Relais für elektrische Kraftstoffpumpe 2
8. Motorsteuergerät, Heizwiderstand Kurbelgeh äuseentlüftung, Zündtrafo	1967
9. Motorsteuergerät, Drosselklappensteuerei nheit, Motorsteuergerät	1968
10. Ansauglufttemperaturgeber, Saugrohrdruckgeber, Motorsteuergerät, Magnetventil für Aktiv	1969
kohlebehälter, Ventil für Registersaugrohrumschaltung
11. Hallgeber, Klopfsensor 1, Kühlmitteltemperaturgeber, Motorsteuergerät	1970
12. Lambdasonde nach Katalysator, Motorsteuergerät, Einspritzventile	1971
13. Lambdasonde, Gaspedalstellungsgeber, Gasp edalstellungsgeber 2, Motorsteuergerät	1972
14. Lambdasonde nach Katalysator, Bordnetzsteuergerät, Motorsteuergerät	1973
15. Bremslichtschalter, Bremspedalschalter, Kuppl ungspositionsgeber, Motorsteuergerät	1974
16. Motorsteuergerät	1975
17. Bordnetzsteuergerät, Motorsteuergerät, Relais 2 für Spannungsversorgung der Kl. 15	1976
18. Multifunktionsanzeige, Steuergerät im Schalttafeleinsatz, Bordnetzsteuergerät, Diagnose-	1977
Interface für Datenbus
19. Kraftstoffvorratsanzeige, Kühlmitteltempera turanzeige, Geschwindigkeitsmesser, Steuergerät im	1978
Schalttafeleinsatz, Kontrollleuchte für Generator, Abgaswarnleuchte
20. Öldruckschalter, Summer und Gong, Kontrollleuchte für Öldruck, Kontrollleuchte für GRA,	1979
Kontrollleuchte für Ölstand
278 - 1,6 l - Turbodiesel Common Rail/66 kW, Motorkennbuchstaben CAYB, (Jetta)	1980-2003
1. 1,6 l - Turbodiesel Common Rail/66 kW, Motorkennbuchstaben CAYB, (Jetta)	1980
2. Batterie, Anlasser, Drehstromgenerator	1981
3. Relais für Spannungsversorgung, Kl. 15, Motorsteuergerät	1982
4. Relais für Spannungsversorgung, Kl. 30, Motorsteuergerät	1983
5. Sicherungen SB	1984
6. Bordnetzsteuergerät, Relais für elektrische Kraftstoffpumpe 2, Relais für	1985
Spannungsversorgung, Kl. 50
7. Steuergerät für Glühzeitautomatik, Glühkerze 1, Glühkerze 2, Glühkerze 3, Glühkerze 4	1986
8. Relais für Umwälzpumpe, Steuergerät für Glühzeitautomatik, Motorsteuergerät, Heizwiderstand	1987
für Kurbelgehäuseentlüftung
9. Motorsteuergerät	1988
10. Motorsteuergerät, Gaspedalstellungsgeber 2, Motorsteuergerät	1989
11. Ladedruckgeber, Ansauglufttemperaturgeber, Drucksensor 1 für Abgas, Motorsteuergerät	1990
12. Lambdasonde, Motorsteuergerät, Kraftstofftemperaturgeber, Motorsteuergerät	1991
13. Heizung für Lambdasonde	1992
14. Motorsteuergerät, Einspritzventil für Zylinder 1, Einspritzventil für Zylinder 2,	1993
Einspritzventil für Zylinder 3, Einspritzventil für Zylinder 4
15. Kühlmitteltemperaturgeber am Kühlerausgang, Abgastemperaturgeber 1, Abgastemperaturgeber 3	1994
Abgastemperaturgeber 4, Motorsteuergerät
16. Hallgeber, Kraftstoffdruckgeber, Positionsgeber für Ladedrucksteller, Motorsteuergerät	1995
17. Potenziometer für Saugrohrklappe, Positionsgeber für Abgasrückführung, Motorsteuergerät	1996
18. Motorsteuergerät, Motor für Saugrohrklappe, Motor für Abgasrückführung, Motor für	1997
Saugrohrklappe
19. Luftmassenmesser, Motorsteuergerät, Magnetventil für Abgasrückführung, Abgasrückführung,	1998
Magnetventil für Ladedruckbegrenzung, 2-Wege-Ventil für Abgasrückführung, Ventil 2 für
Abgasrückführung
19. Bremslichtschalter, Bremspedalschalter, Kupplungspositionsgeber, Motorsteuergerät	1999
20. Motorsteuergerät, Relais 2 für Spannungsversorgung, Kl. 15	2000
21. Motorsteuergerät, Kühlmittelpumpe	2001
22. Relais für Spannungsversorgung, Kl. 15, Bordnetzsteuergerät, Diagnose-Interface für Datenbus	2002
23. Geber für Kraftstoffvorratsanzeige, Kraftstoffpumpe für Vorförderung, Geschwindigkeitsmesser,	2003
Steuergerät im Schalttafeleinsatz
24. Öldruck- und Öltemperaturgeber, Steuergerät im Schalttafeleinsatz
280 - 2,0-l-Motor , CAWB	2004-2023
1. 2,0-l-Motor , CAWB	2004
2. Batterie, Anlasser, Drehstromgenerator, Bordnetzsteuergerät	2005
3. Zündanlassschalter, Schalter für GRA, SET-Taster für GRA, Steuergerät für Lenksäulenelektronik,	2006
Magnet für Zündschlüsselabzugssperre
4. Motorsteuergerät, Relais 2 für Spannungsversorgung, Kl. 15, Stromversorgungsrelais	2007
für Motorkomponenten
5. Motorsteuergerät, Relais für Spannungsversorgung, Kl. 50	2008
6. Geber für Kraftstoffvorratsanzeige, Kraftstoffpumpe für Vorförderung,	2009
Steuergerät für Kraftstoffpumpe
7. Motorsteuergerät, Umwälzpumpe	2010
8. Motorsteuergerät, Zündspule 1 mit Leistungsendstufe, Zündspule 2 mit	2011
Leistungsendstufe, Zündspule 3 mit Leistungsendstufe, Zündspule 4 mit Leistungsendstufe, Zündkerzen
9. Hallgeber, Drosselklappensteuereinheit, Regelklappe für elektrische Gasbetätigung,	2012
Motorsteuergerät
10. Motordrehzahlgeber, Klopfsensor 1, Klopfsensor 2, Motorsteuergerät	2013
11. Hallgeber, Ansauglufttemperaturgeber, Kraftstoffdruckgeber, Motorsteuergerät, Regelventil	2014
für Kraftstoffdruck
12. Motorsteuergerät, Einspritzventil für Zylinder 1, Einspritzventil für Zylinder 2, Einspritzventil für	2015
Zylinder 3, Einspritzventil für Zylinder 4, Ventil 1 für Nockenwellenverstellung
13. Gaspedalstellungsgeber, Geber 2 für Gaspedalstellung, Motorsteuergerät	2016
Magnetventil für Ladedruckbegrenzung, Magnetventil 1 für Aktivkohlebehälter, Umluftventil für
Turbolader, Relais 2 für Ladedruckbegrenzung
14. Lambdasonde, Gaspedalstellungsgeber, Kühlmitteltemperaturgeber am Kühlerausgang, Bordnetzsteuergerät,	2017
Motorsteuergerät, Heizung für Lambdasonde
15. Bremslichtschalter, Motorsteuergerät	2018
16. Motorsteuergerät	2019
17. Bremslichtschalter, Kupplungspositionsgeber, Bordnetzsteuergerät	2020
18. Bordnetzsteuergerät, Motorsteuergerät	2021
19. Multifunktionsanzeige, Steuergerät im Schalttafeleinsatz, Bordnetzsteuergerät,	2022
Diagnose-Interface für Datenbus
19. Kraftstoffvorratsanzeige, Kühlmitteltemperaturanzeige, Drehzahlmesser, Geber für	2022
Geschwindigkeitsmesser, Steuergerät im Schalttafeleinsatz, Kontrollleuchte für Generator, Kontrollleuchte
Kontrollleuchte für Kraftstoffreserve, Kontrollleuchte für Ölstand
20. Steuergerät im Schalttafeleinsatz	2023
281 - 2,0-l-Dieselmotor , CBDA,CBDB,CEGA	2024-2043
1. 2,0-l-Dieselmotor , CBDA,CBDB,CEGA	2024
2. Batterie, Anlasser, Drehstromgenerator	2025
3. Zündanlassschalter, Schalter für GRA, SET-Taster für GRA, Bordnetzsteuergerät, Steuergerät für	2026
Lenksäulenelektronik
4. Bordnetzsteuergerät	2027
5. Bordnetzsteuergerät, Sicherungen	2028
6. Kraftstoffpumpenrelais, Relais für Spannungsversorgung, Kl. 50, Relais für	2029
Zusatzkraftstoffpumpe, Zusatzkraftstoffpumpe
7. Steuergerät für Glühzeitautomatik, Glühkerze 1, Bordnetzsteuergerät, Glühkerze 2,	2030
Glühkerze 3, Glühkerze 4
8. Relais für Umwälzpumpe, Pumpe für Kühlmittelnachlauf, Heizwiderstand für	2031
Kurbelgehäuseentlüftung, Motorsteuergerät
9. Gaspedalstellungsgeber, Geber 2 für Gaspedalstellung, Motorsteuergerät	2032
10. Ladedruckgeber, Lambdasonde, Drucksensor 1 für Abgas, Motorsteuergerät	2033
11. Lambdasonde, Kraftstofftemperaturgeber, Motorsteuergerät	2034
12. Kühlmitteltemperaturgeber, Motorsteuergerät
13. Motorsteuergerät, Magnetventil für Zylinder	2035
11. Motorsteuergerät, Einspritzventil für Zylinder 1, Regelventil für Kraftstoffdruck,	2036
Motorsteuergerät, Einspritzventil für Zylinder 1, Einspritzventil für Zylinder 2, Einspritzventil für Zylinder 3,
Einspritzventil für Zylinder 4
12. Abgastemperaturgeber 1, Abgastemperaturgeber 3, Positionsgeber für Ladedrucksteller,	2037
Abgastemperaturgeber 4, Motorsteuergerät
13. Luftmassenmesser, Motorsteuergerät, Magnetventil für Ladedruckbegrenzung,	2038
Magnetventil für Abgasrückführung
14. Bremslichtschalter, Bremspedalschalter, Kupplungspositionsgeber, Bordnetzsteuergerät,	2039
Motorsteuergerät
15. Bordnetzsteuergerät, Motorsteuergerät	2040
16. Bordnetzsteuergerät, Steuergerät im Schalttafeleinsatz, Diagnose-Interface für Datenbus	2041
17. Kraftstoffvorratsanzeige, Kühlmitteltemperaturanzeige,	2042
Drehzahlmesser, Geber für Kraftstoffvorratsanzeige, Geschwindigkeitsmesser, Geber für
Kraftstoffvorratsanzeige, Kontrollleuchte für Generator, Kontrollleuchte für
GRA, Kontrollleuchte für Ölstand, Kontrollleuchte für Kraftstoffreserve
18. Öldruckschalter, Öldstands- und Öltemperaturgeber, Summer und Gong, Steuergerät im	2043
Schalttafeleinsatz
283 - 1,9-l-Dieselmotor , BXE	2044-2061
1. 1,9-l-Dieselmotor , BXE	2044
2. Batterie, Anlasser, Drehstromgenerator, Spannungsregler, Bordnetzsteuergerät, Sicherung 1 auf	2045
Sicherungshalter A
3. Zündanlassschalter, Schalter für GRA, SET-Taster für GRA, Bordnetzsteuergerät, Steuergerät für	2046
Lenksäulenelektronik, Magnet für Zündschlüsselabzugssperre
4. Relais für Spannungsversorgung der Kl. 30, Bordnetzsteuergerät	2047
5. Bordnetzsteuergerät, Relais für Zusatzkraftstoffpumpe
6. Steuergerät für Glühzeitautomatik, Glühkerze 1, Bordnetzsteuergerät, Glühkerze 2, Glühkerze 3,	2048
Glühkerze 4
7. Geber für Glühzeitautomatik, Kraftstoffpumpe, Relais für Spannungsversorgung, Kl. 50	2049
8. Geber für Kraftstoffvorratsanzeige, Kraftstoffpumpe für Vorförderung, Bordnetzsteuergerät,	2050
Motorsteuergerät
9. Motorsteuergerät, Bordnetzsteuergerät	2051
8. Ladedruckgeber, Ansauglufttemperaturgeber, Motorsteuergerät
9. Motordrehzahlgeber, Hallgeber, Motorsteuergerät, Geber 2 für Gaspedalstellung	2052
